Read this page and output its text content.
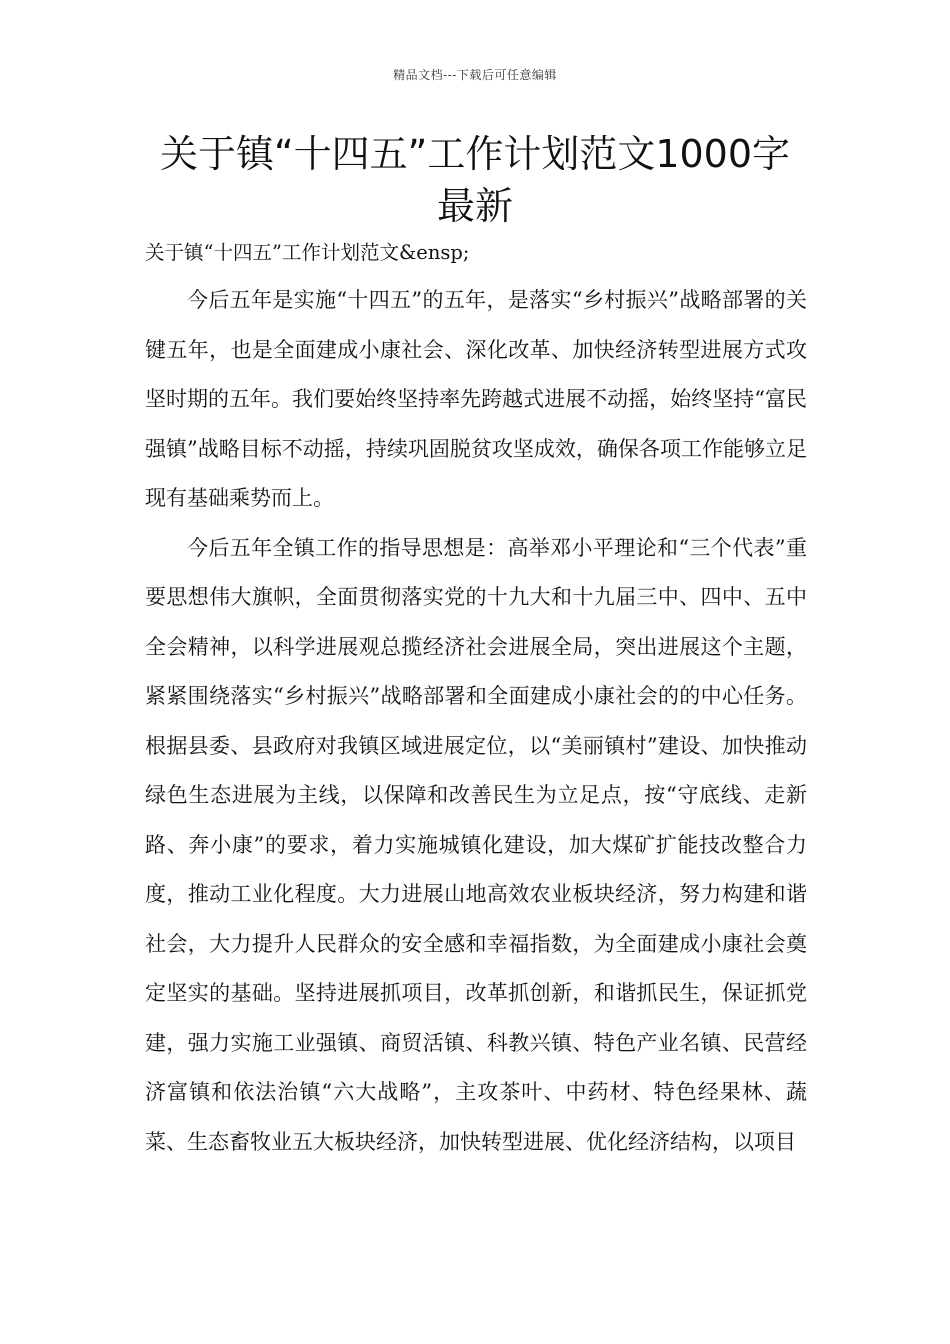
精品文档---下载后可任意编辑
关于镇“十四五”工作计划范文1000字最新
关于镇“十四五”工作计划范文&ensp;

今后五年是实施“十四五”的五年，是落实“乡村振兴”战略部署的关键五年，也是全面建成小康社会、深化改革、加快经济转型进展方式攻坚时期的五年。我们要始终坚持率先跨越式进展不动摇，始终坚持“富民强镇”战略目标不动摇，持续巩固脱贫攻坚成效，确保各项工作能够立足现有基础乘势而上。

今后五年全镇工作的指导思想是：高举邓小平理论和“三个代表”重要思想伟大旗帜，全面贯彻落实党的十九大和十九届三中、四中、五中全会精神，以科学进展观总揽经济社会进展全局，突出进展这个主题，紧紧围绕落实“乡村振兴”战略部署和全面建成小康社会的的中心任务。根据县委、县政府对我镇区域进展定位，以“美丽镇村”建设、加快推动绿色生态进展为主线，以保障和改善民生为立足点，按“守底线、走新路、奔小康”的要求，着力实施城镇化建设，加大煤矿扩能技改整合力度，推动工业化程度。大力进展山地高效农业板块经济，努力构建和谐社会，大力提升人民群众的安全感和幸福指数，为全面建成小康社会奠定坚实的基础。坚持进展抓项目，改革抓创新，和谐抓民生，保证抓党建，强力实施工业强镇、商贸活镇、科教兴镇、特色产业名镇、民营经济富镇和依法治镇“六大战略”，主攻茶叶、中药材、特色经果林、蔬菜、生态畜牧业五大板块经济，加快转型进展、优化经济结构，以项目
